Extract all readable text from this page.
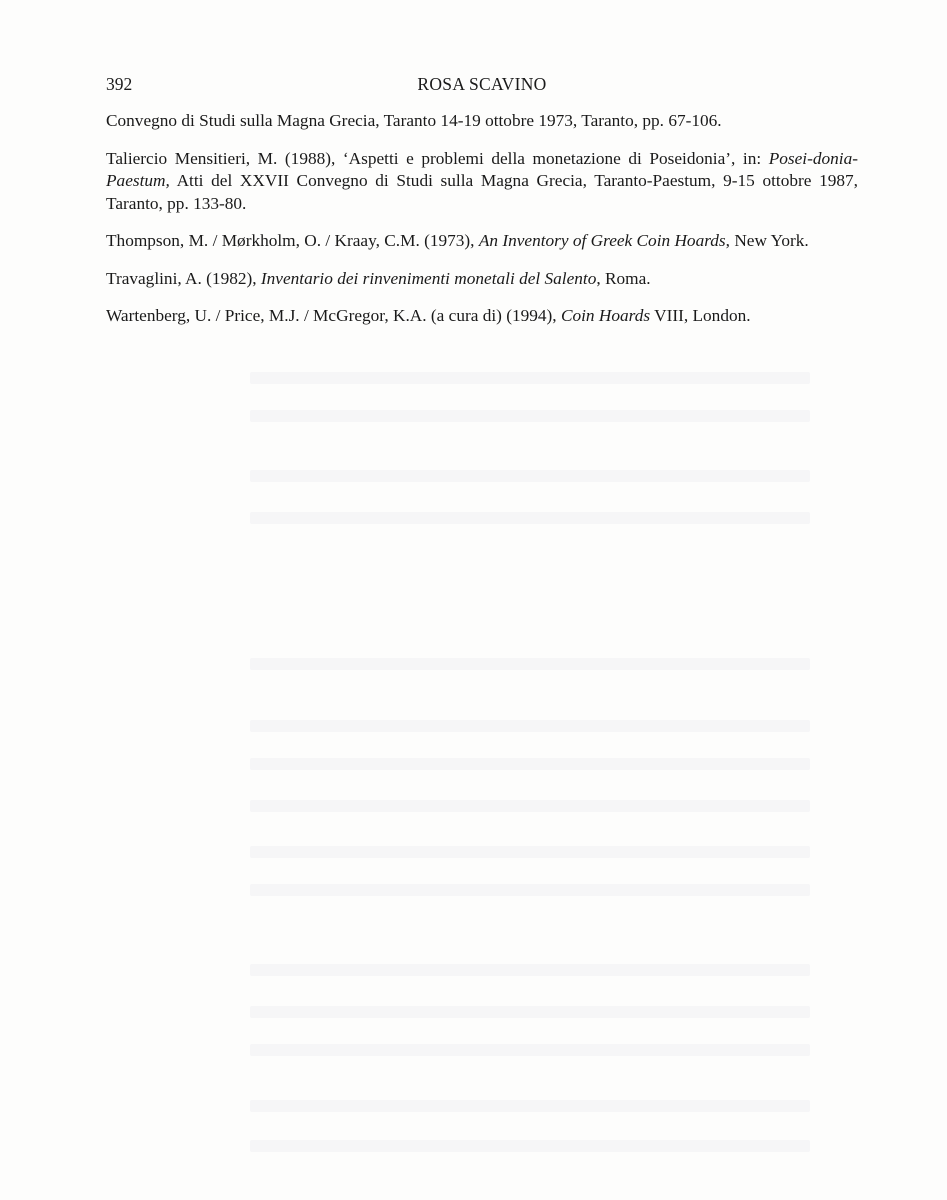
392	ROSA SCAVINO

Convegno di Studi sulla Magna Grecia, Taranto 14-19 ottobre 1973, Taranto, pp. 67-106.

Taliercio Mensitieri, M. (1988), ‘Aspetti e problemi della monetazione di Poseidonia’, in: Posei-donia-Paestum, Atti del XXVII Convegno di Studi sulla Magna Grecia, Taranto-Paestum, 9-15 ottobre 1987, Taranto, pp. 133-80.

Thompson, M. / Mørkholm, O. / Kraay, C.M. (1973), An Inventory of Greek Coin Hoards, New York.

Travaglini, A. (1982), Inventario dei rinvenimenti monetali del Salento, Roma.

Wartenberg, U. / Price, M.J. / McGregor, K.A. (a cura di) (1994), Coin Hoards VIII, London.
